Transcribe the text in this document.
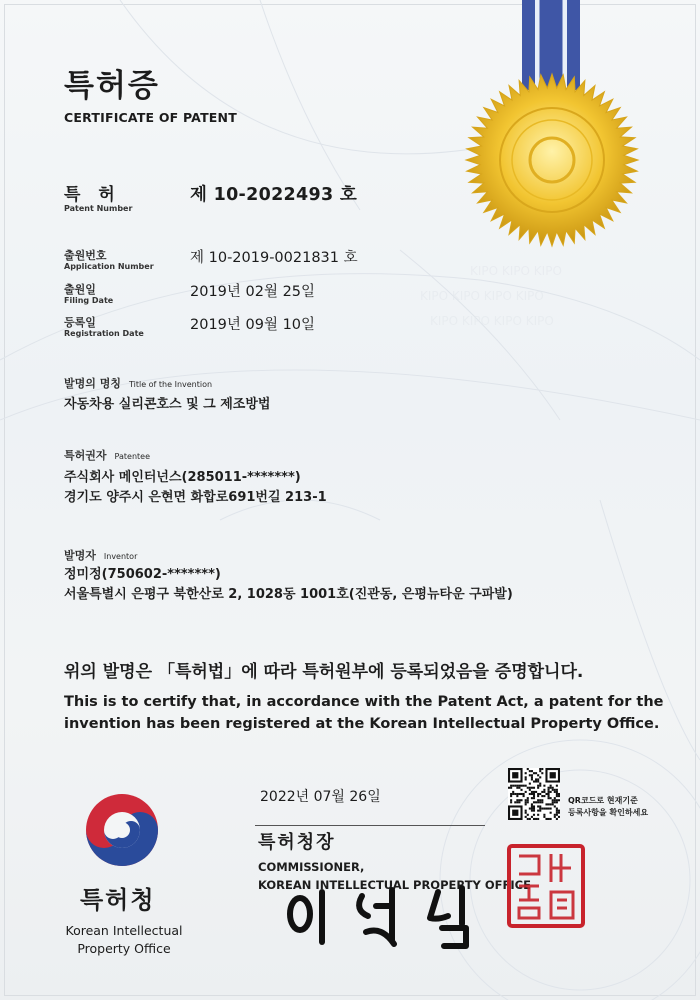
KIPO KIPO KIPO
KIPO KIPO KIPO KIPO
KIPO KIPO KIPO KIPO
특허증
CERTIFICATE OF PATENT
특 허
Patent Number
제 10-2022493 호
출원번호
Application Number
제 10-2019-0021831 호
출원일
Filing Date
2019년 02월 25일
등록일
Registration Date
2019년 09월 10일
발명의 명칭 Title of the Invention
자동차용 실리콘호스 및 그 제조방법
특허권자 Patentee
주식회사 메인터넌스(285011-*******)
경기도 양주시 은현면 화합로691번길 213-1
발명자 Inventor
정미정(750602-*******)
서울특별시 은평구 북한산로 2, 1028동 1001호(진관동, 은평뉴타운 구파발)
위의 발명은 「특허법」에 따라 특허원부에 등록되었음을 증명합니다.
This is to certify that, in accordance with the Patent Act, a patent for the invention has been registered at the Korean Intellectual Property Office.
2022년 07월 26일	QR코드로 현재기준
등록사항을 확인하세요
특허청장
COMMISSIONER,
KOREAN INTELLECTUAL PROPERTY OFFICE
특허청
Korean Intellectual
Property Office
